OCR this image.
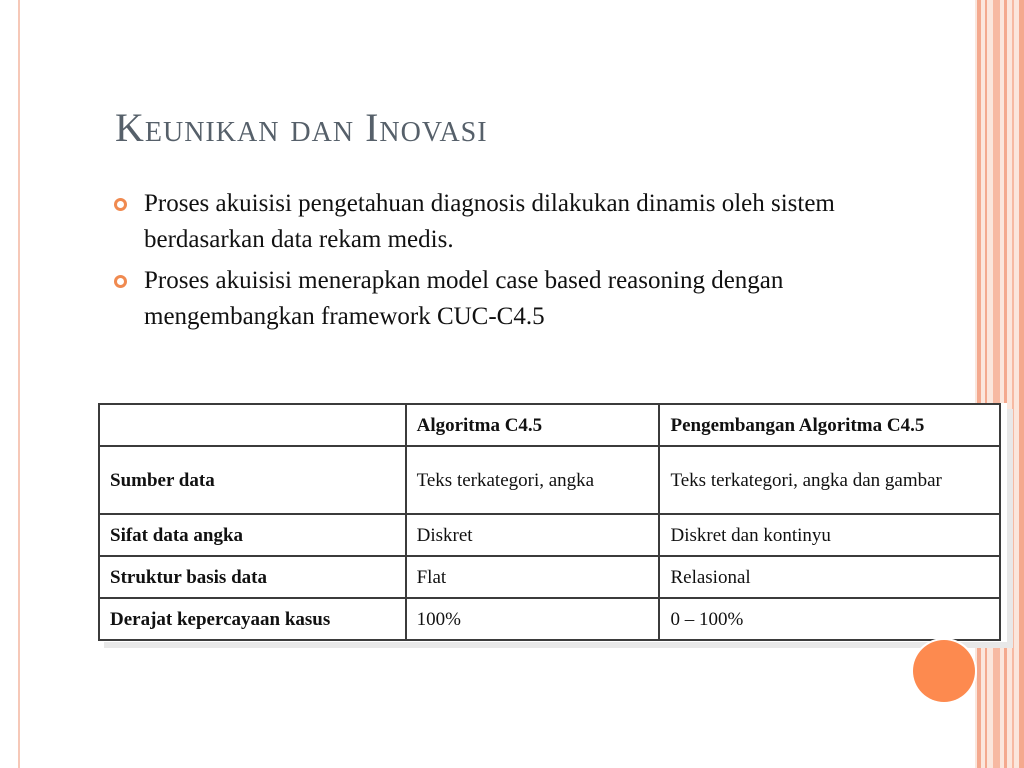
Keunikan dan Inovasi
Proses akuisisi pengetahuan diagnosis dilakukan dinamis oleh sistem berdasarkan data rekam medis.
Proses akuisisi menerapkan model case based reasoning dengan mengembangkan framework CUC-C4.5
	Algoritma C4.5	Pengembangan Algoritma C4.5
Sumber data	Teks terkategori, angka	Teks terkategori, angka dan gambar
Sifat data angka	Diskret	Diskret dan kontinyu
Struktur basis data	Flat	Relasional
Derajat kepercayaan kasus	100%	0 – 100%
